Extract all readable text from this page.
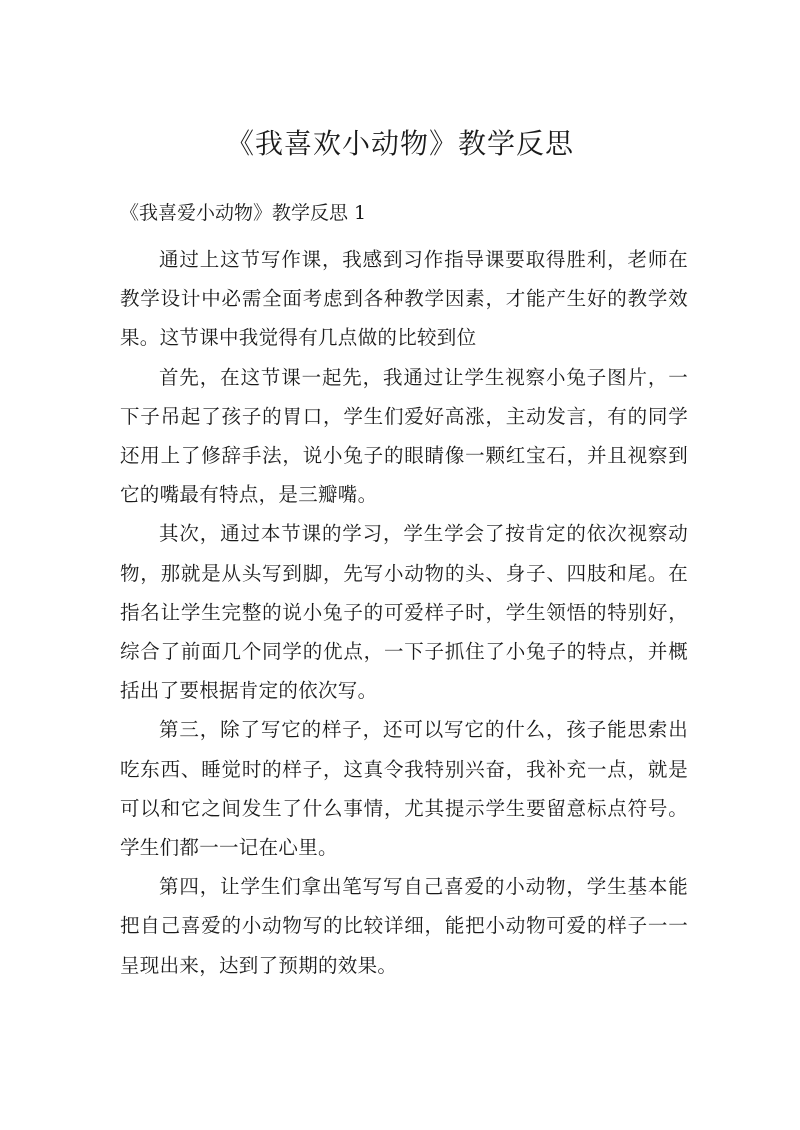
《我喜欢小动物》教学反思

《我喜爱小动物》教学反思 1

通过上这节写作课，我感到习作指导课要取得胜利，老师在教学设计中必需全面考虑到各种教学因素，才能产生好的教学效果。这节课中我觉得有几点做的比较到位

首先，在这节课一起先，我通过让学生视察小兔子图片，一下子吊起了孩子的胃口，学生们爱好高涨，主动发言，有的同学还用上了修辞手法，说小兔子的眼睛像一颗红宝石，并且视察到它的嘴最有特点，是三瓣嘴。

其次，通过本节课的学习，学生学会了按肯定的依次视察动物，那就是从头写到脚，先写小动物的头、身子、四肢和尾。在指名让学生完整的说小兔子的可爱样子时，学生领悟的特别好，综合了前面几个同学的优点，一下子抓住了小兔子的特点，并概括出了要根据肯定的依次写。

第三，除了写它的样子，还可以写它的什么，孩子能思索出吃东西、睡觉时的样子，这真令我特别兴奋，我补充一点，就是可以和它之间发生了什么事情，尤其提示学生要留意标点符号。学生们都一一记在心里。

第四，让学生们拿出笔写写自己喜爱的小动物，学生基本能把自己喜爱的小动物写的比较详细，能把小动物可爱的样子一一呈现出来，达到了预期的效果。
